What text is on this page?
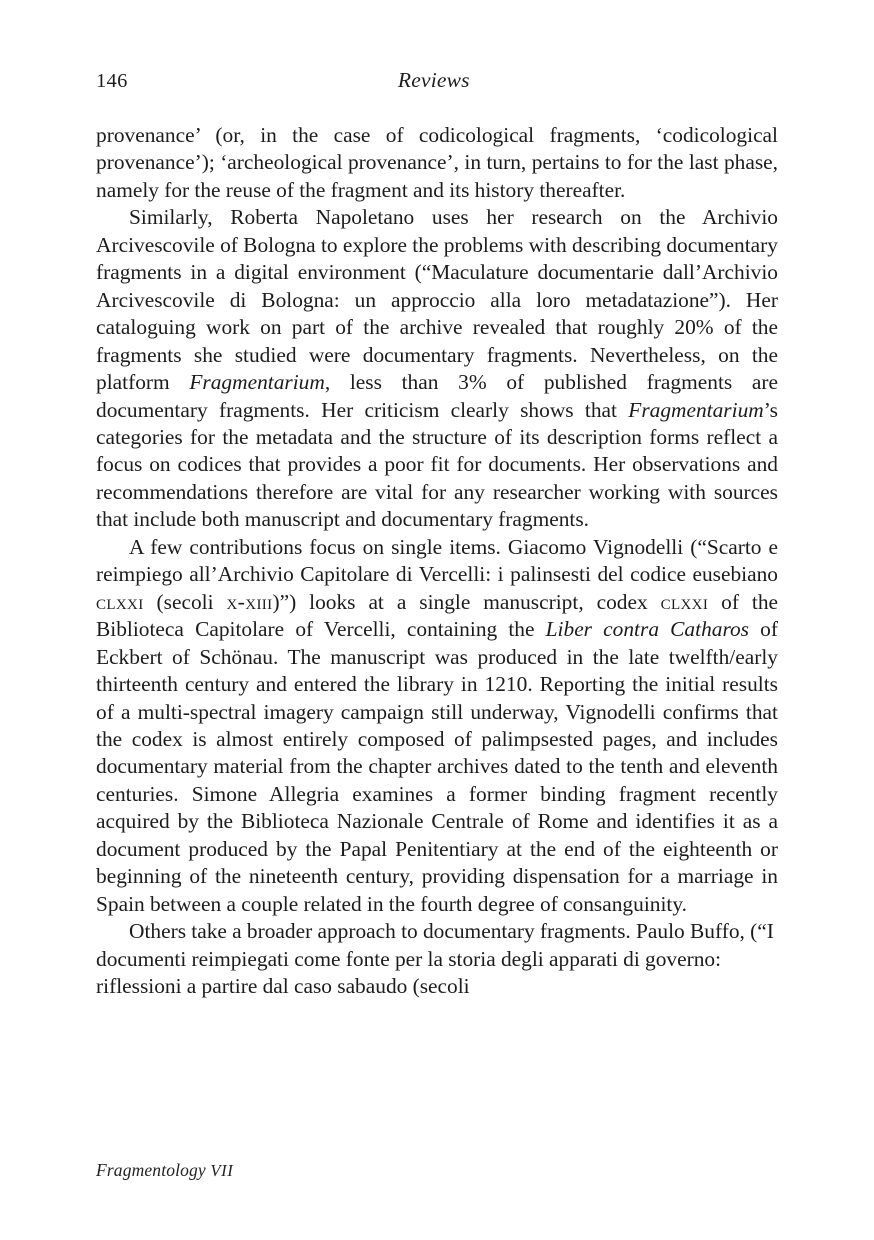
146	Reviews

provenance’ (or, in the case of codicological fragments, ‘codicological provenance’); ‘archeological provenance’, in turn, pertains to for the last phase, namely for the reuse of the fragment and its history thereafter.

Similarly, Roberta Napoletano uses her research on the Archivio Arcivescovile of Bologna to explore the problems with describing documentary fragments in a digital environment (“Maculature documentarie dall’Archivio Arcivescovile di Bologna: un approccio alla loro metadatazione”). Her cataloguing work on part of the archive revealed that roughly 20% of the fragments she studied were documentary fragments. Nevertheless, on the platform Fragmentarium, less than 3% of published fragments are documentary fragments. Her criticism clearly shows that Fragmentarium’s categories for the metadata and the structure of its description forms reflect a focus on codices that provides a poor fit for documents. Her observations and recommendations therefore are vital for any researcher working with sources that include both manuscript and documentary fragments.

A few contributions focus on single items. Giacomo Vignodelli (“Scarto e reimpiego all’Archivio Capitolare di Vercelli: i palinsesti del codice eusebiano clxxi (secoli x-xiii)”) looks at a single manuscript, codex clxxi of the Biblioteca Capitolare of Vercelli, containing the Liber contra Catharos of Eckbert of Schönau. The manuscript was produced in the late twelfth/early thirteenth century and entered the library in 1210. Reporting the initial results of a multi-spectral imagery campaign still underway, Vignodelli confirms that the codex is almost entirely composed of palimpsested pages, and includes documentary material from the chapter archives dated to the tenth and eleventh centuries. Simone Allegria examines a former binding fragment recently acquired by the Biblioteca Nazionale Centrale of Rome and identifies it as a document produced by the Papal Penitentiary at the end of the eighteenth or beginning of the nineteenth century, providing dispensation for a marriage in Spain between a couple related in the fourth degree of consanguinity.

Others take a broader approach to documentary fragments. Paulo Buffo, (“I documenti reimpiegati come fonte per la storia degli apparati di governo: riflessioni a partire dal caso sabaudo (secoli

Fragmentology VII
